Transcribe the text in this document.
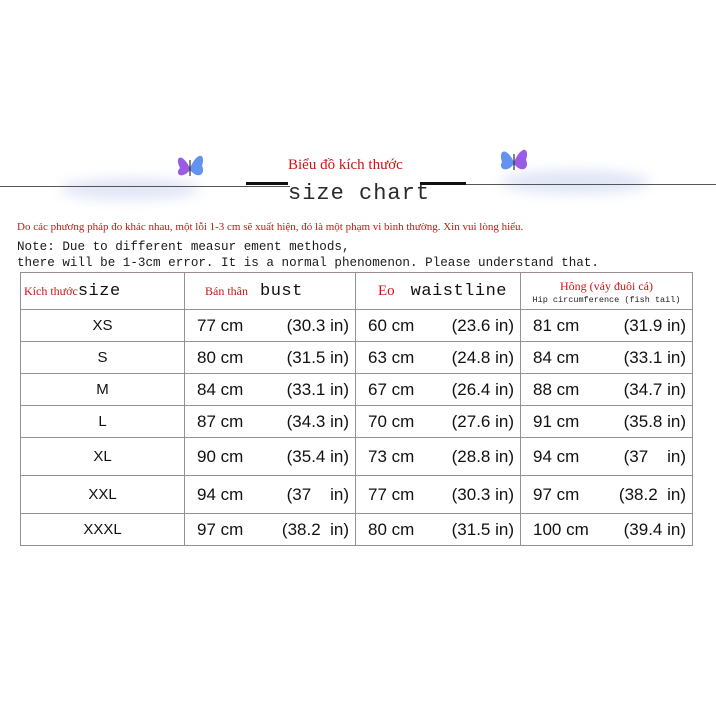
Biểu đồ kích thước
size chart
Do các phương pháp đo khác nhau, một lỗi 1-3 cm sẽ xuất hiện, đó là một phạm vi bình thường. Xin vui lòng hiểu.
Note: Due to different measur ement methods,
there will be 1-3cm error. It is a normal phenomenon. Please understand that.
Kích thướcsize	Bán thân bust	Eo waistline	Hông (váy đuôi cá)
Hip circumference (fish tail)

XS	77 cm (30.3 in)	60 cm (23.6 in)	81 cm (31.9 in)

S	80 cm (31.5 in)	63 cm (24.8 in)	84 cm (33.1 in)

M	84 cm (33.1 in)	67 cm (26.4 in)	88 cm (34.7 in)

L	87 cm (34.3 in)	70 cm (27.6 in)	91 cm (35.8 in)

XL	90 cm (35.4 in)	73 cm (28.8 in)	94 cm (37    in)

XXL	94 cm (37    in)	77 cm (30.3 in)	97 cm (38.2  in)

XXXL	97 cm (38.2  in)	80 cm (31.5 in)	100 cm (39.4 in)
